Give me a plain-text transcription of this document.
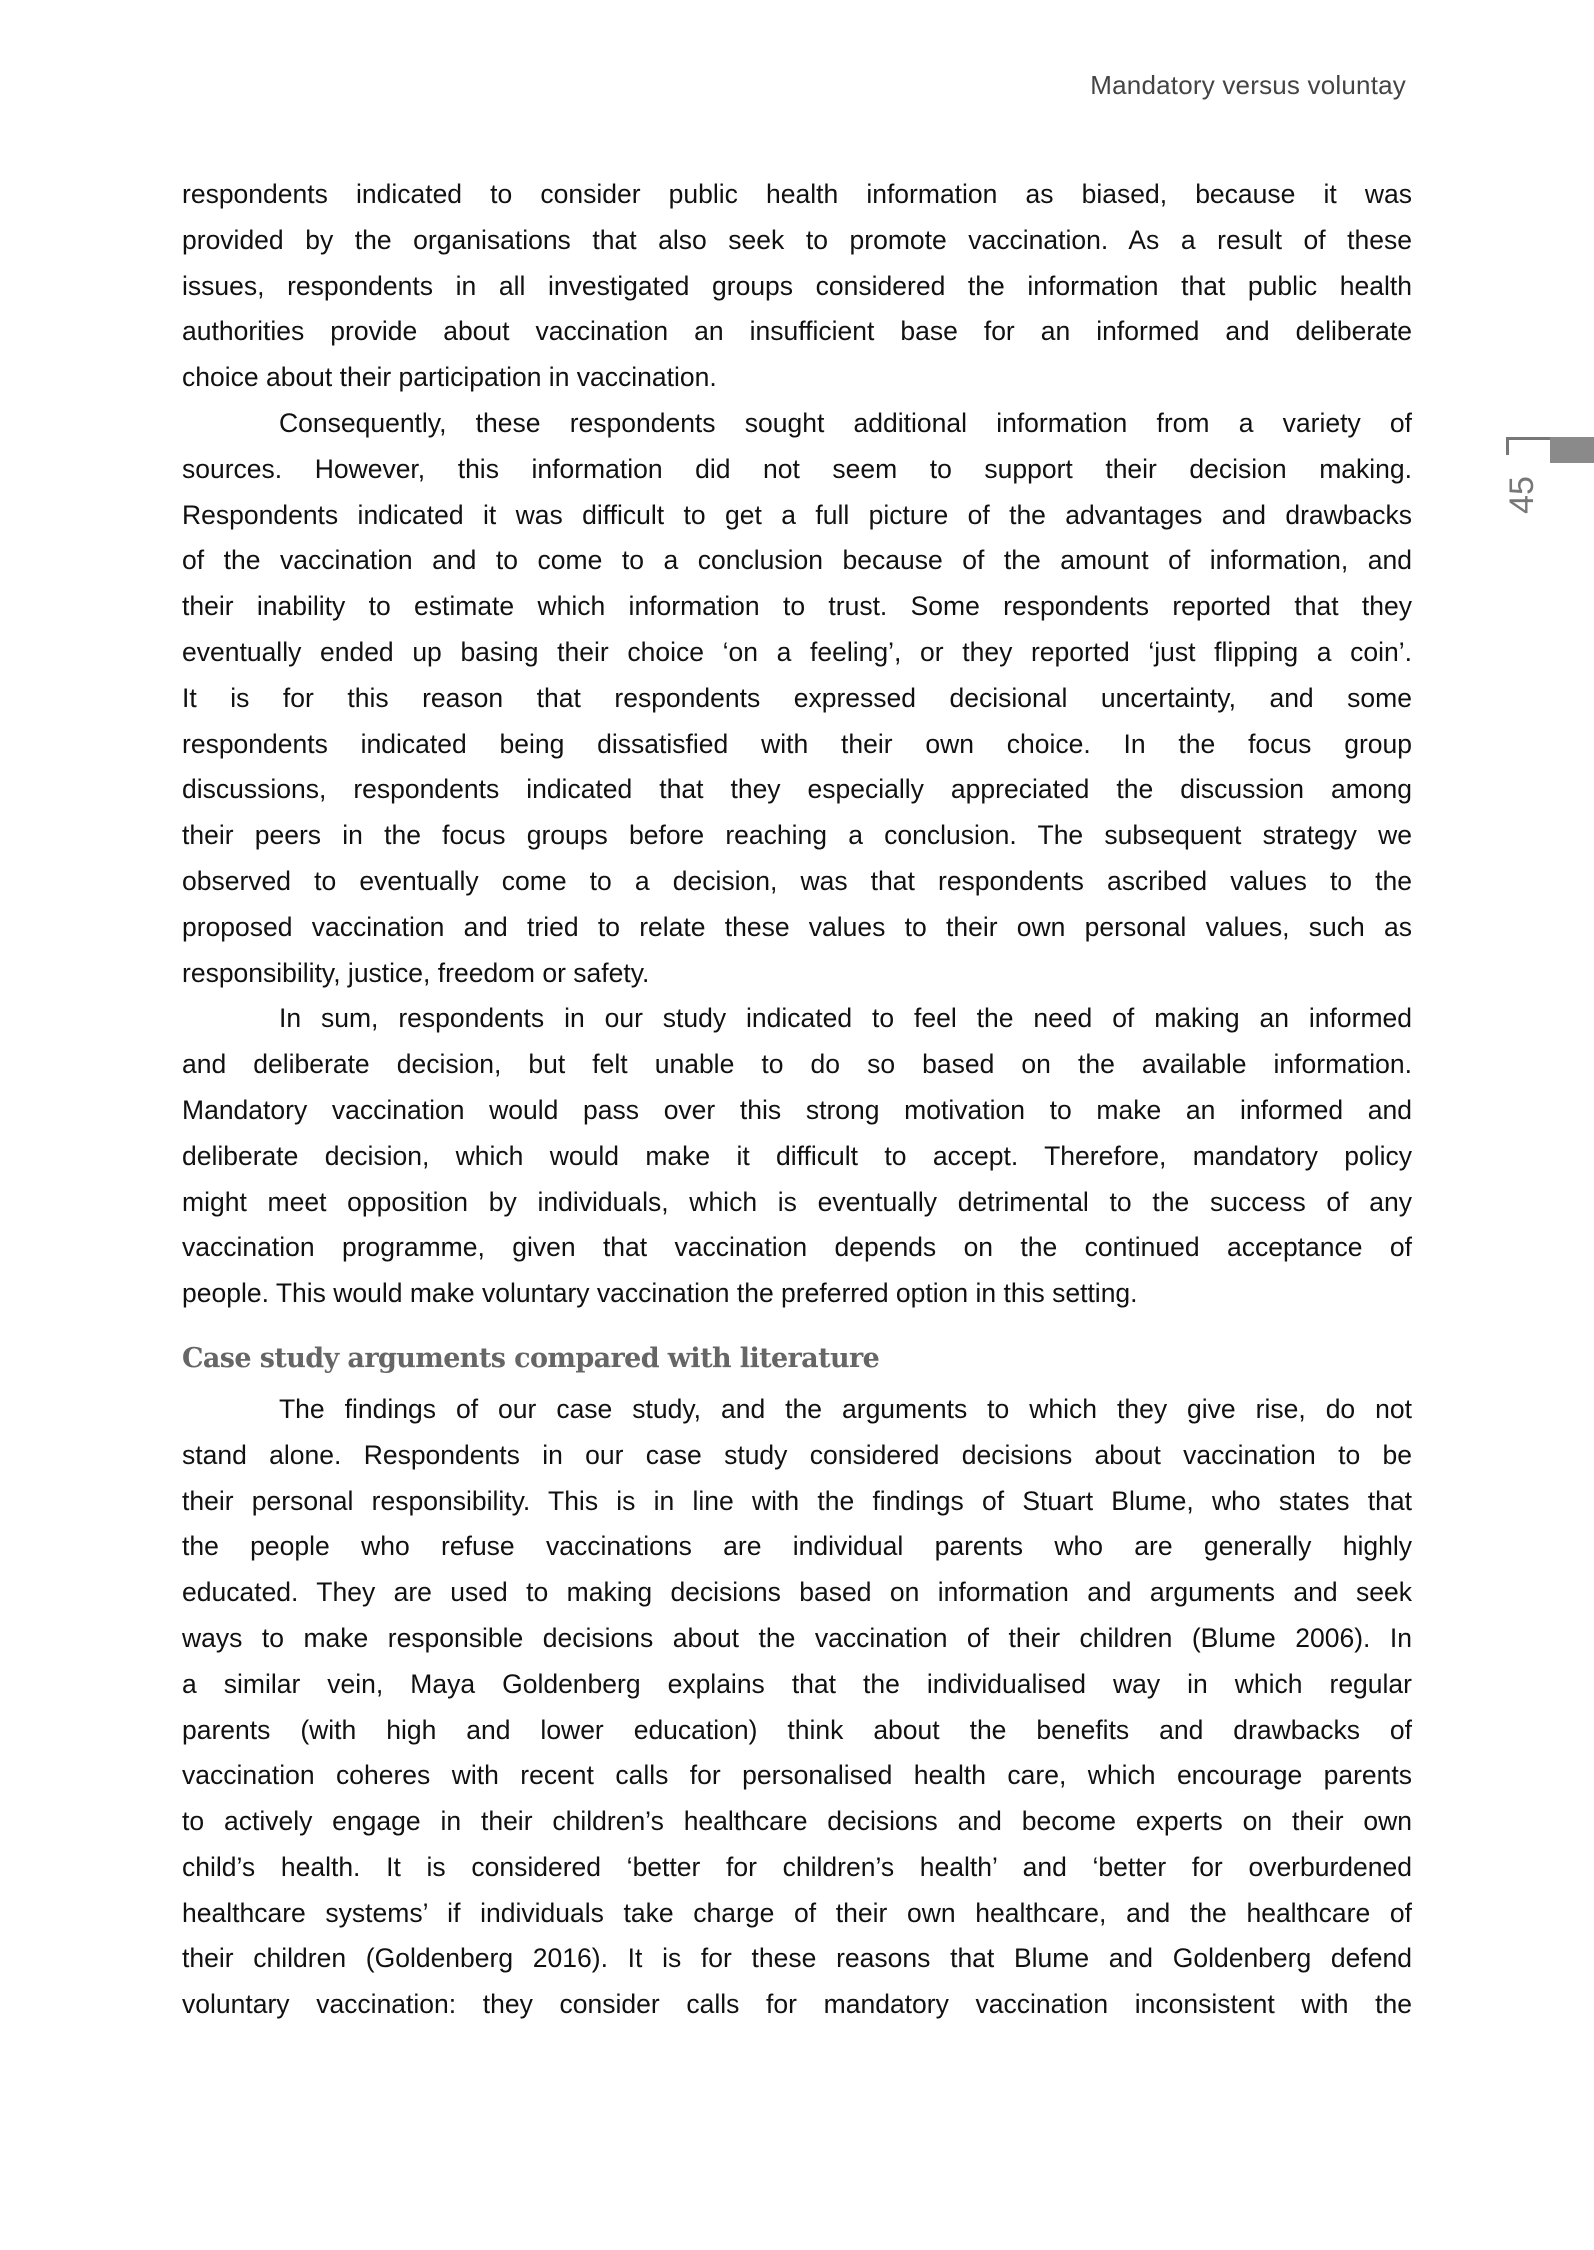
Mandatory versus voluntay
45
respondents indicated to consider public health information as biased, because it was
provided by the organisations that also seek to promote vaccination. As a result of these
issues, respondents in all investigated groups considered the information that public health
authorities provide about vaccination an insufficient base for an informed and deliberate
choice about their participation in vaccination.
Consequently, these respondents sought additional information from a variety of
sources. However, this information did not seem to support their decision making.
Respondents indicated it was difficult to get a full picture of the advantages and drawbacks
of the vaccination and to come to a conclusion because of the amount of information, and
their inability to estimate which information to trust. Some respondents reported that they
eventually ended up basing their choice ‘on a feeling’, or they reported ‘just flipping a coin’.
It is for this reason that respondents expressed decisional uncertainty, and some
respondents indicated being dissatisfied with their own choice. In the focus group
discussions, respondents indicated that they especially appreciated the discussion among
their peers in the focus groups before reaching a conclusion. The subsequent strategy we
observed to eventually come to a decision, was that respondents ascribed values to the
proposed vaccination and tried to relate these values to their own personal values, such as
responsibility, justice, freedom or safety.
In sum, respondents in our study indicated to feel the need of making an informed
and deliberate decision, but felt unable to do so based on the available information.
Mandatory vaccination would pass over this strong motivation to make an informed and
deliberate decision, which would make it difficult to accept. Therefore, mandatory policy
might meet opposition by individuals, which is eventually detrimental to the success of any
vaccination programme, given that vaccination depends on the continued acceptance of
people. This would make voluntary vaccination the preferred option in this setting.
Case study arguments compared with literature
The findings of our case study, and the arguments to which they give rise, do not
stand alone. Respondents in our case study considered decisions about vaccination to be
their personal responsibility. This is in line with the findings of Stuart Blume, who states that
the people who refuse vaccinations are individual parents who are generally highly
educated. They are used to making decisions based on information and arguments and seek
ways to make responsible decisions about the vaccination of their children (Blume 2006). In
a similar vein, Maya Goldenberg explains that the individualised way in which regular
parents (with high and lower education) think about the benefits and drawbacks of
vaccination coheres with recent calls for personalised health care, which encourage parents
to actively engage in their children’s healthcare decisions and become experts on their own
child’s health. It is considered ‘better for children’s health’ and ‘better for overburdened
healthcare systems’ if individuals take charge of their own healthcare, and the healthcare of
their children (Goldenberg 2016). It is for these reasons that Blume and Goldenberg defend
voluntary vaccination: they consider calls for mandatory vaccination inconsistent with the
